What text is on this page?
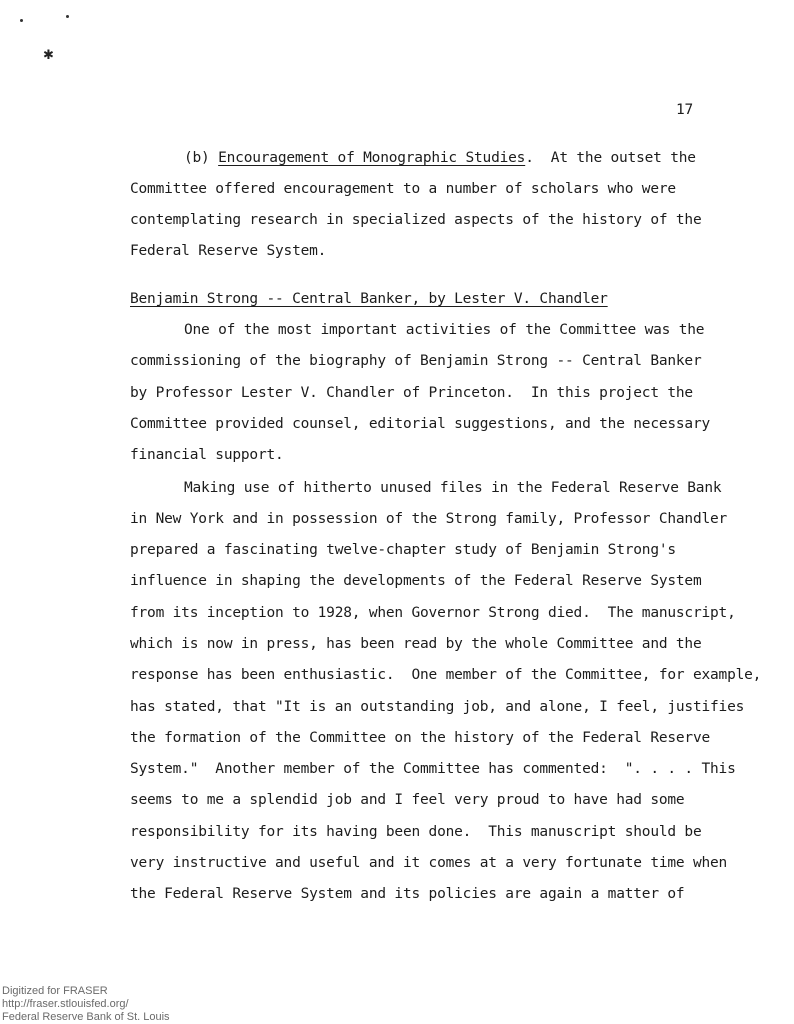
✱
17
(b) Encouragement of Monographic Studies.  At the outset the
Committee offered encouragement to a number of scholars who were
contemplating research in specialized aspects of the history of the
Federal Reserve System.
Benjamin Strong -- Central Banker, by Lester V. Chandler
One of the most important activities of the Committee was the
commissioning of the biography of Benjamin Strong -- Central Banker
by Professor Lester V. Chandler of Princeton.  In this project the
Committee provided counsel, editorial suggestions, and the necessary
financial support.
Making use of hitherto unused files in the Federal Reserve Bank
in New York and in possession of the Strong family, Professor Chandler
prepared a fascinating twelve-chapter study of Benjamin Strong's
influence in shaping the developments of the Federal Reserve System
from its inception to 1928, when Governor Strong died.  The manuscript,
which is now in press, has been read by the whole Committee and the
response has been enthusiastic.  One member of the Committee, for example,
has stated, that "It is an outstanding job, and alone, I feel, justifies
the formation of the Committee on the history of the Federal Reserve
System."  Another member of the Committee has commented:  ". . . . This
seems to me a splendid job and I feel very proud to have had some
responsibility for its having been done.  This manuscript should be
very instructive and useful and it comes at a very fortunate time when
the Federal Reserve System and its policies are again a matter of
Digitized for FRASER
http://fraser.stlouisfed.org/
Federal Reserve Bank of St. Louis
